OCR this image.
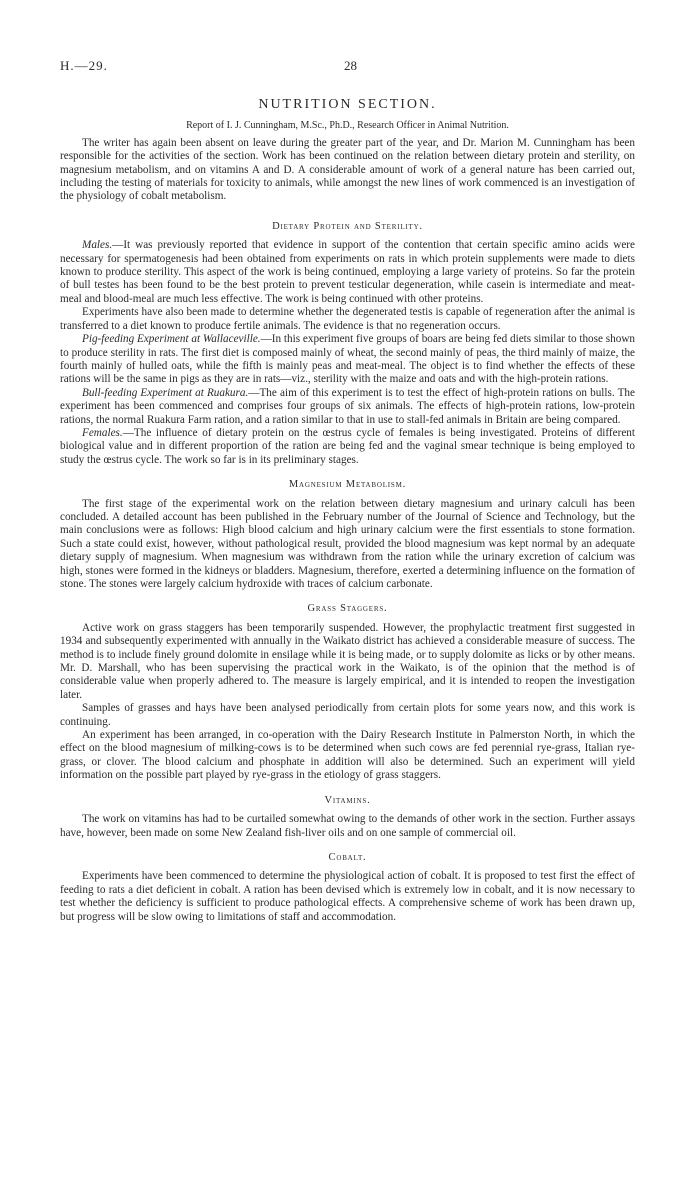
H.—29.	28
NUTRITION SECTION.
Report of I. J. Cunningham, M.Sc., Ph.D., Research Officer in Animal Nutrition.

The writer has again been absent on leave during the greater part of the year, and Dr. Marion M. Cunningham has been responsible for the activities of the section. Work has been continued on the relation between dietary protein and sterility, on magnesium metabolism, and on vitamins A and D. A considerable amount of work of a general nature has been carried out, including the testing of materials for toxicity to animals, while amongst the new lines of work commenced is an investigation of the physiology of cobalt metabolism.

Dietary Protein and Sterility.

Males.—It was previously reported that evidence in support of the contention that certain specific amino acids were necessary for spermatogenesis had been obtained from experiments on rats in which protein supplements were made to diets known to produce sterility. This aspect of the work is being continued, employing a large variety of proteins. So far the protein of bull testes has been found to be the best protein to prevent testicular degeneration, while casein is intermediate and meat-meal and blood-meal are much less effective. The work is being continued with other proteins.

Experiments have also been made to determine whether the degenerated testis is capable of regeneration after the animal is transferred to a diet known to produce fertile animals. The evidence is that no regeneration occurs.

Pig-feeding Experiment at Wallaceville.—In this experiment five groups of boars are being fed diets similar to those shown to produce sterility in rats. The first diet is composed mainly of wheat, the second mainly of peas, the third mainly of maize, the fourth mainly of hulled oats, while the fifth is mainly peas and meat-meal. The object is to find whether the effects of these rations will be the same in pigs as they are in rats—viz., sterility with the maize and oats and with the high-protein rations.

Bull-feeding Experiment at Ruakura.—The aim of this experiment is to test the effect of high-protein rations on bulls. The experiment has been commenced and comprises four groups of six animals. The effects of high-protein rations, low-protein rations, the normal Ruakura Farm ration, and a ration similar to that in use to stall-fed animals in Britain are being compared.

Females.—The influence of dietary protein on the œstrus cycle of females is being investigated. Proteins of different biological value and in different proportion of the ration are being fed and the vaginal smear technique is being employed to study the œstrus cycle. The work so far is in its preliminary stages.

Magnesium Metabolism.

The first stage of the experimental work on the relation between dietary magnesium and urinary calculi has been concluded. A detailed account has been published in the February number of the Journal of Science and Technology, but the main conclusions were as follows: High blood calcium and high urinary calcium were the first essentials to stone formation. Such a state could exist, however, without pathological result, provided the blood magnesium was kept normal by an adequate dietary supply of magnesium. When magnesium was withdrawn from the ration while the urinary excretion of calcium was high, stones were formed in the kidneys or bladders. Magnesium, therefore, exerted a determining influence on the formation of stone. The stones were largely calcium hydroxide with traces of calcium carbonate.

Grass Staggers.

Active work on grass staggers has been temporarily suspended. However, the prophylactic treatment first suggested in 1934 and subsequently experimented with annually in the Waikato district has achieved a considerable measure of success. The method is to include finely ground dolomite in ensilage while it is being made, or to supply dolomite as licks or by other means. Mr. D. Marshall, who has been supervising the practical work in the Waikato, is of the opinion that the method is of considerable value when properly adhered to. The measure is largely empirical, and it is intended to reopen the investigation later.

Samples of grasses and hays have been analysed periodically from certain plots for some years now, and this work is continuing.

An experiment has been arranged, in co-operation with the Dairy Research Institute in Palmerston North, in which the effect on the blood magnesium of milking-cows is to be determined when such cows are fed perennial rye-grass, Italian rye-grass, or clover. The blood calcium and phosphate in addition will also be determined. Such an experiment will yield information on the possible part played by rye-grass in the etiology of grass staggers.

Vitamins.

The work on vitamins has had to be curtailed somewhat owing to the demands of other work in the section. Further assays have, however, been made on some New Zealand fish-liver oils and on one sample of commercial oil.

Cobalt.

Experiments have been commenced to determine the physiological action of cobalt. It is proposed to test first the effect of feeding to rats a diet deficient in cobalt. A ration has been devised which is extremely low in cobalt, and it is now necessary to test whether the deficiency is sufficient to produce pathological effects. A comprehensive scheme of work has been drawn up, but progress will be slow owing to limitations of staff and accommodation.
